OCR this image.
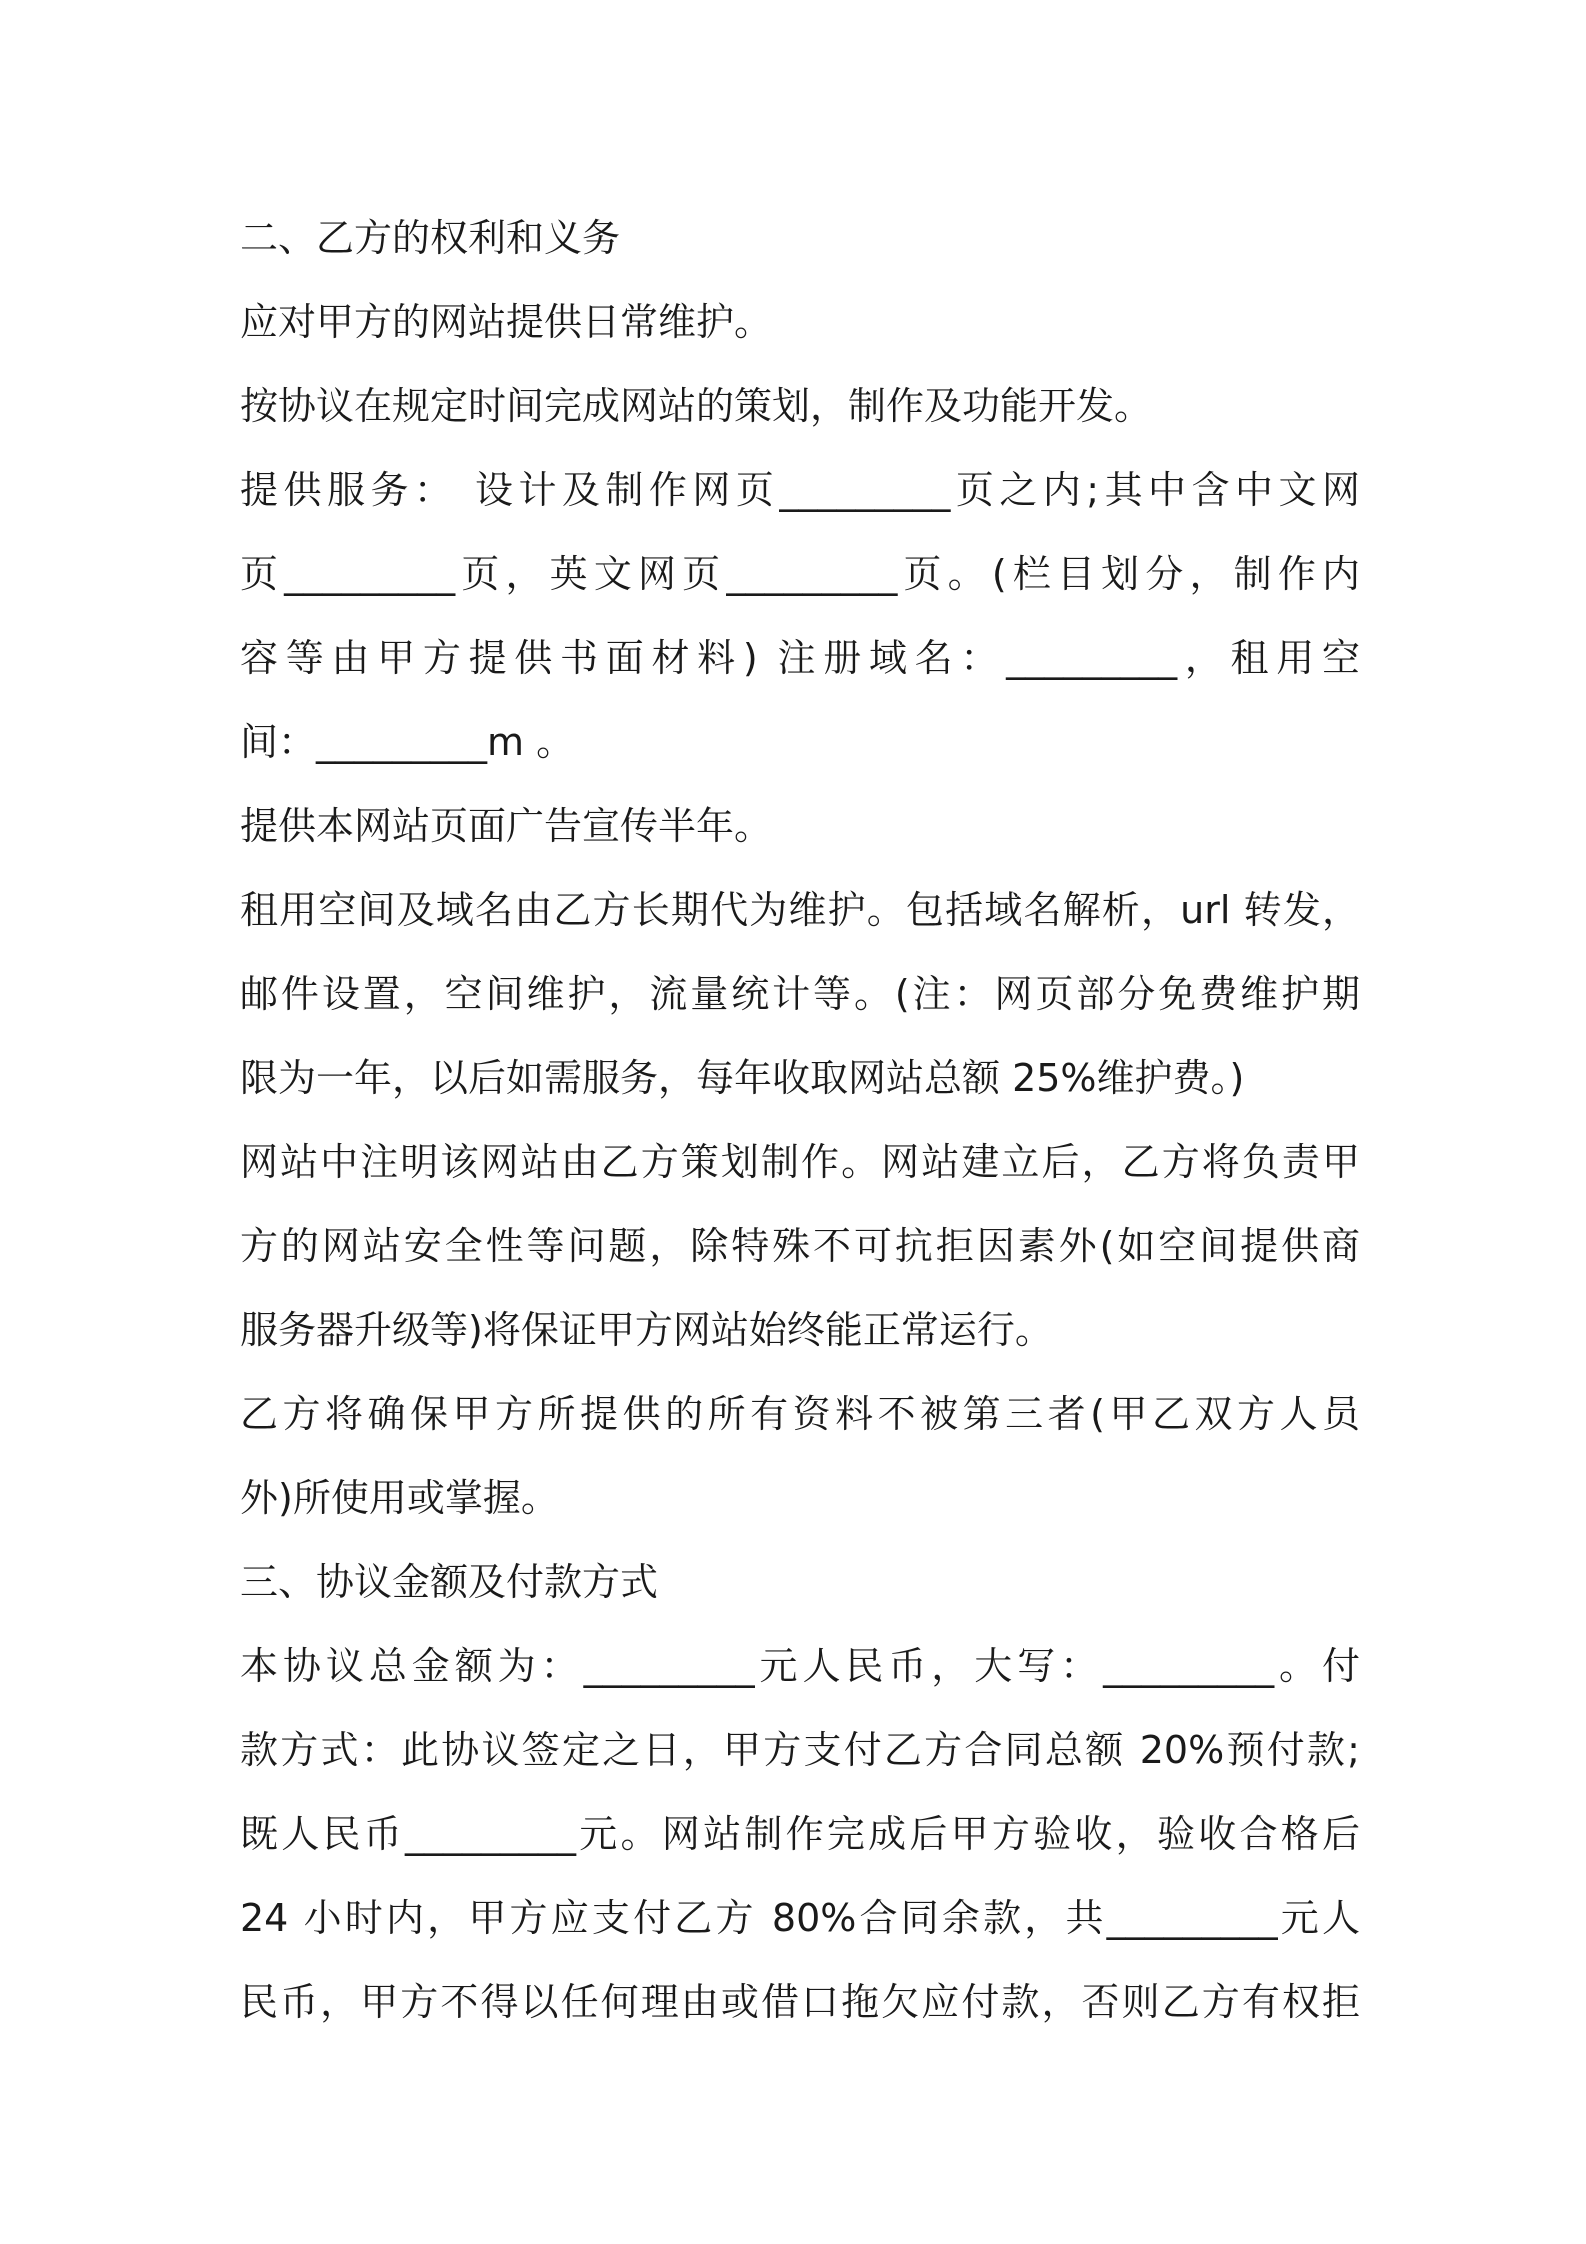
二、乙方的权利和义务
应对甲方的网站提供日常维护。
按协议在规定时间完成网站的策划，制作及功能开发。
提供服务： 设计及制作网页_________页之内;其中含中文网
页_________页，英文网页_________页。(栏目划分，制作内
容等由甲方提供书面材料) 注册域名：_________，租用空
间：_________m 。
提供本网站页面广告宣传半年。
租用空间及域名由乙方长期代为维护。包括域名解析，url 转发，
邮件设置，空间维护，流量统计等。(注：网页部分免费维护期
限为一年，以后如需服务，每年收取网站总额 25%维护费。)
网站中注明该网站由乙方策划制作。网站建立后，乙方将负责甲
方的网站安全性等问题，除特殊不可抗拒因素外(如空间提供商
服务器升级等)将保证甲方网站始终能正常运行。
乙方将确保甲方所提供的所有资料不被第三者(甲乙双方人员
外)所使用或掌握。
三、协议金额及付款方式
本协议总金额为：_________元人民币，大写：_________。付
款方式：此协议签定之日，甲方支付乙方合同总额 20%预付款;
既人民币_________元。网站制作完成后甲方验收，验收合格后
24 小时内，甲方应支付乙方 80%合同余款，共_________元人
民币，甲方不得以任何理由或借口拖欠应付款，否则乙方有权拒
